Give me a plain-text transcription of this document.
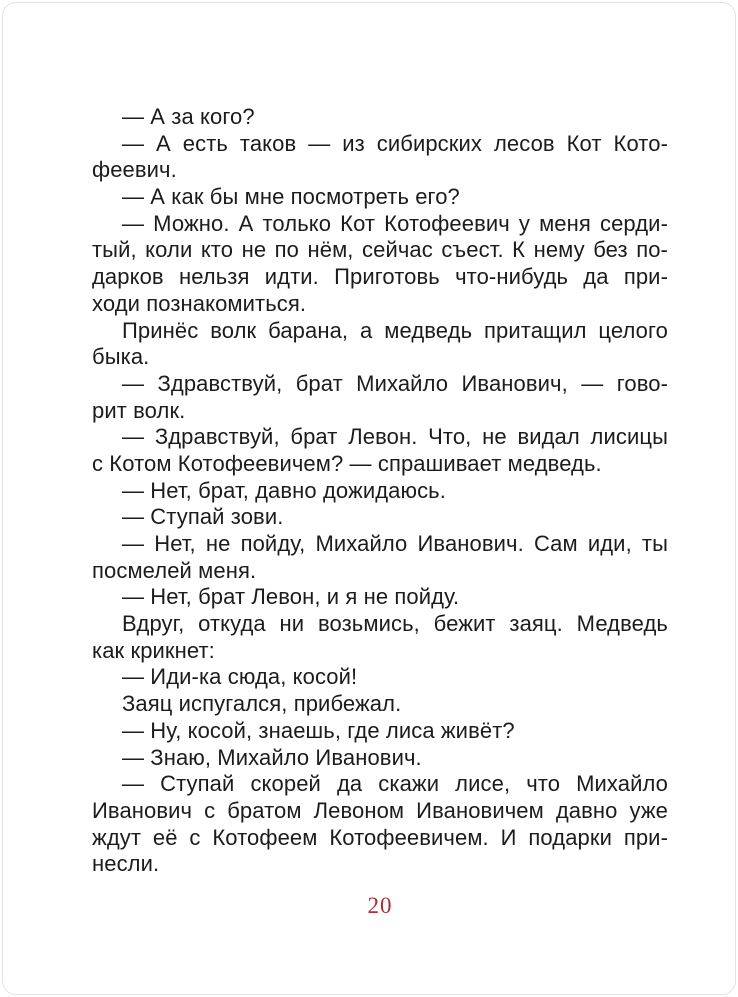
— А за кого?
— А есть таков — из сибирских лесов Кот Кото-
феевич.
— А как бы мне посмотреть его?
— Можно. А только Кот Котофеевич у меня серди-
тый, коли кто не по нём, сейчас съест. К нему без по-
дарков нельзя идти. Приготовь что-нибудь да при-
ходи познакомиться.
Принёс волк барана, а медведь притащил целого
быка.
— Здравствуй, брат Михайло Иванович, — гово-
рит волк.
— Здравствуй, брат Левон. Что, не видал лисицы
с Котом Котофеевичем? — спрашивает медведь.
— Нет, брат, давно дожидаюсь.
— Ступай зови.
— Нет, не пойду, Михайло Иванович. Сам иди, ты
посмелей меня.
— Нет, брат Левон, и я не пойду.
Вдруг, откуда ни возьмись, бежит заяц. Медведь
как крикнет:
— Иди-ка сюда, косой!
Заяц испугался, прибежал.
— Ну, косой, знаешь, где лиса живёт?
— Знаю, Михайло Иванович.
— Ступай скорей да скажи лисе, что Михайло
Иванович с братом Левоном Ивановичем давно уже
ждут её с Котофеем Котофеевичем. И подарки при-
несли.
20
